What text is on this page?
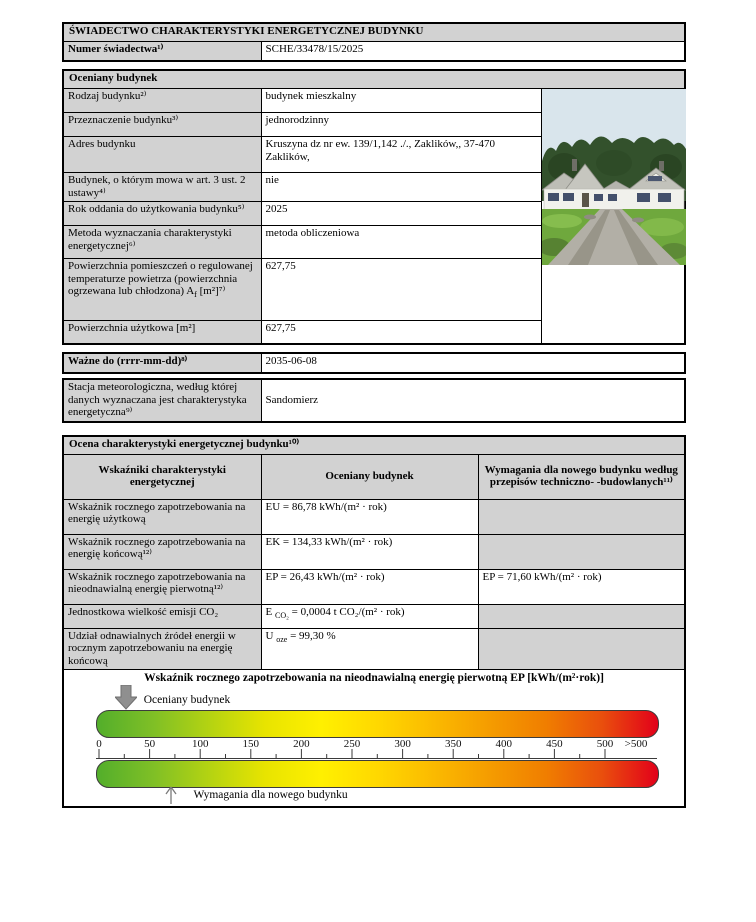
ŚWIADECTWO CHARAKTERYSTYKI ENERGETYCZNEJ BUDYNKU
Numer świadectwa¹⁾	SCHE/33478/15/2025
Oceniany budynek		
Rodzaj budynku²⁾	budynek mieszkalny	

Przeznaczenie budynku³⁾	jednorodzinny	
Adres budynku	Kruszyna dz nr ew. 139/1,142 ./., Zaklików,, 37-470 Zaklików,	
Budynek, o którym mowa w art. 3 ust. 2 ustawy⁴⁾	nie	
Rok oddania do użytkowania budynku⁵⁾	2025	
Metoda wyznaczania charakterystyki energetycznej⁶⁾	metoda obliczeniowa	
Powierzchnia pomieszczeń o regulowanej temperaturze powietrza (powierzchnia ogrzewana lub chłodzona) $A_f$ [m²]⁷⁾	627,75	
Powierzchnia użytkowa [m²]	627,75	
Ważne do (rrrr-mm-dd)⁸⁾	2035-06-08
Stacja meteorologiczna, według której danych wyznaczana jest charakterystyka energetyczna⁹⁾	Sandomierz
Ocena charakterystyki energetycznej budynku¹⁰⁾		
Wskaźniki charakterystyki energetycznej	Oceniany budynek	Wymagania dla nowego budynku według przepisów techniczno- -budowlanych¹¹⁾
Wskaźnik rocznego zapotrzebowania na energię użytkową	EU = 86,78 kWh/(m² · rok)	
Wskaźnik rocznego zapotrzebowania na energię końcową¹²⁾	EK = 134,33 kWh/(m² · rok)	
Wskaźnik rocznego zapotrzebowania na nieodnawialną energię pierwotną¹²⁾	EP = 26,43 kWh/(m² · rok)	EP = 71,60 kWh/(m² · rok)
Jednostkowa wielkość emisji CO₂	E $_{CO_2}$ = 0,0004 t CO₂/(m² · rok)	
Udział odnawialnych źródeł energii w rocznym zapotrzebowaniu na energię końcową	U $_{oze}$ = 99,30 %	

Wskaźnik rocznego zapotrzebowania na nieodnawialną energię pierwotną EP [kWh/(m²·rok)]
Oceniany budynek
0	50	100	150	200	250	300	350	400	450	500 >500
Wymagania dla nowego budynku
